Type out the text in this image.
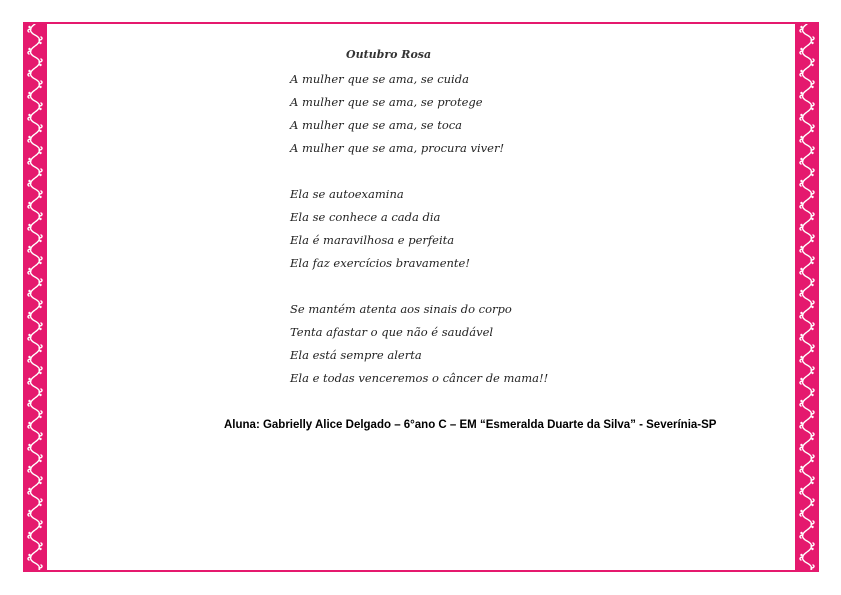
Outubro Rosa
A mulher que se ama, se cuida
A mulher que se ama, se protege
A mulher que se ama, se toca
A mulher que se ama, procura viver!
Ela se autoexamina
Ela se conhece a cada dia
Ela é maravilhosa e perfeita
Ela faz exercícios bravamente!
Se mantém atenta aos sinais do corpo
Tenta afastar o que não é saudável
Ela está sempre alerta
Ela e todas venceremos o câncer de mama!!
Aluna: Gabrielly Alice Delgado – 6°ano C – EM “Esmeralda Duarte da Silva” - Severínia-SP
